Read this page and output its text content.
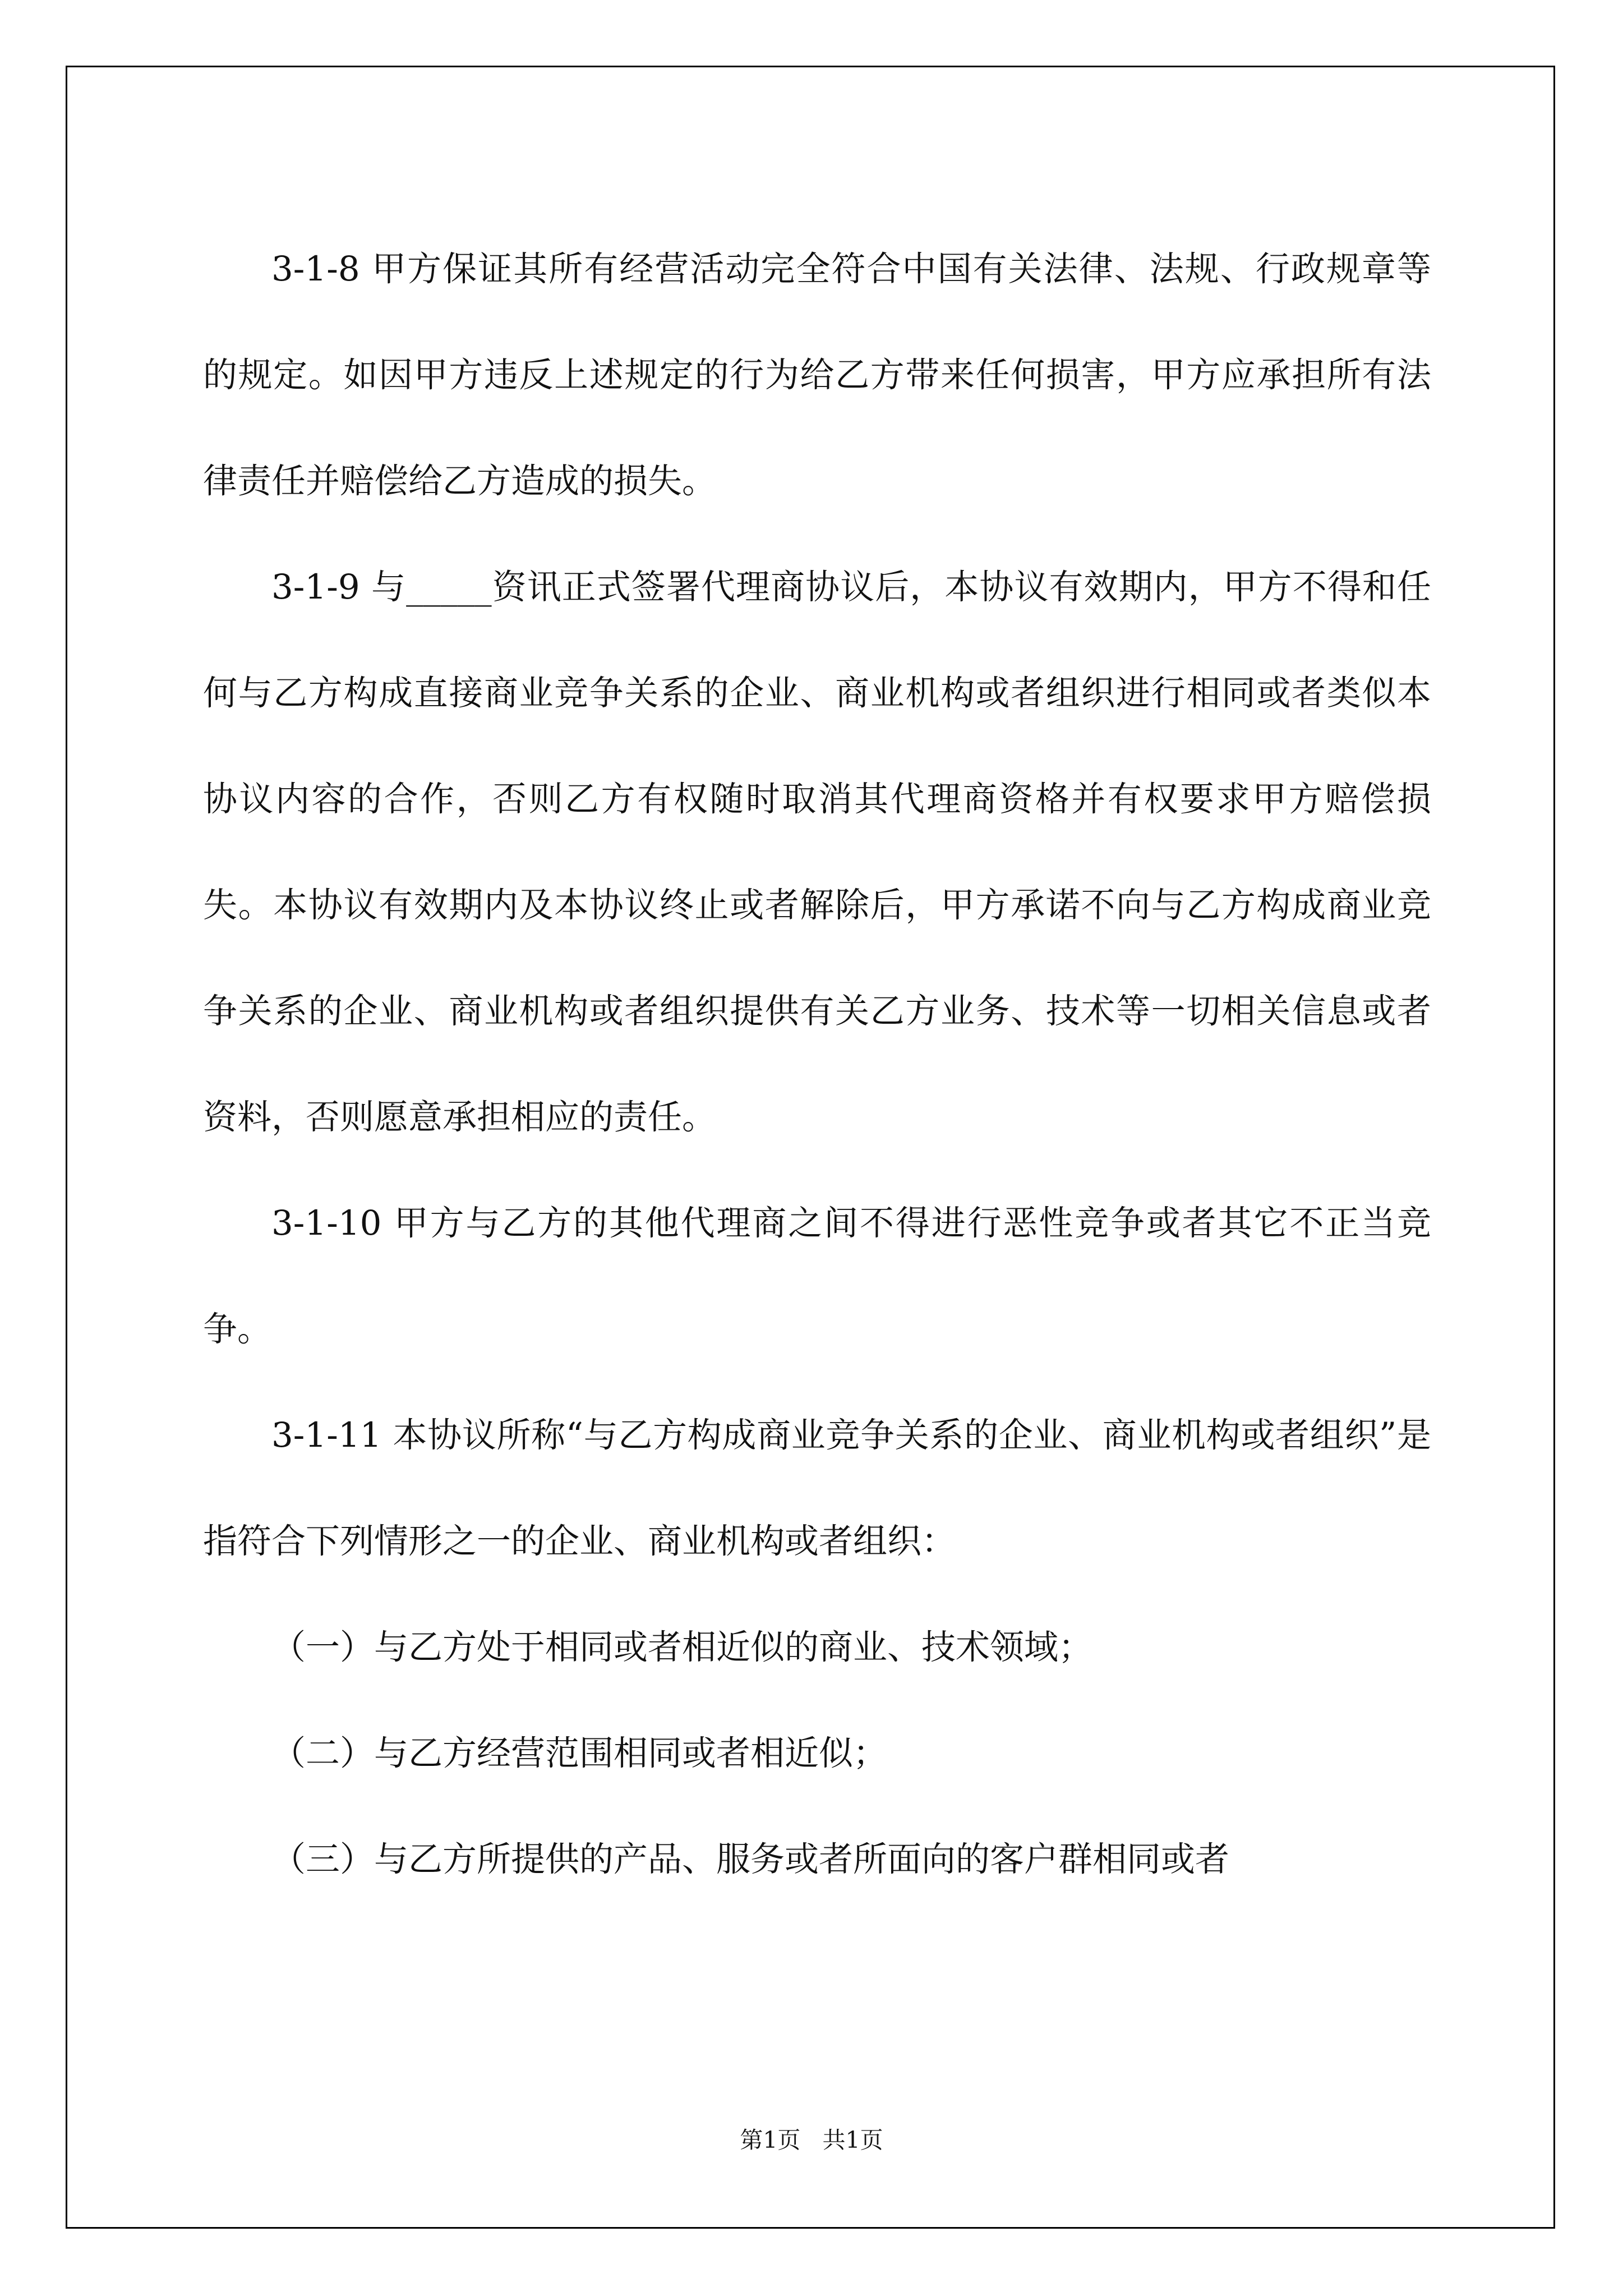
3-1-8 甲方保证其所有经营活动完全符合中国有关法律、法规、行政规章等的规定。如因甲方违反上述规定的行为给乙方带来任何损害，甲方应承担所有法律责任并赔偿给乙方造成的损失。

3-1-9 与_____资讯正式签署代理商协议后，本协议有效期内，甲方不得和任何与乙方构成直接商业竞争关系的企业、商业机构或者组织进行相同或者类似本协议内容的合作，否则乙方有权随时取消其代理商资格并有权要求甲方赔偿损失。本协议有效期内及本协议终止或者解除后，甲方承诺不向与乙方构成商业竞争关系的企业、商业机构或者组织提供有关乙方业务、技术等一切相关信息或者资料，否则愿意承担相应的责任。

3-1-10 甲方与乙方的其他代理商之间不得进行恶性竞争或者其它不正当竞争。

3-1-11 本协议所称“与乙方构成商业竞争关系的企业、商业机构或者组织”是指符合下列情形之一的企业、商业机构或者组织：

（一）与乙方处于相同或者相近似的商业、技术领域；

（二）与乙方经营范围相同或者相近似；

（三）与乙方所提供的产品、服务或者所面向的客户群相同或者

第1页 共1页
